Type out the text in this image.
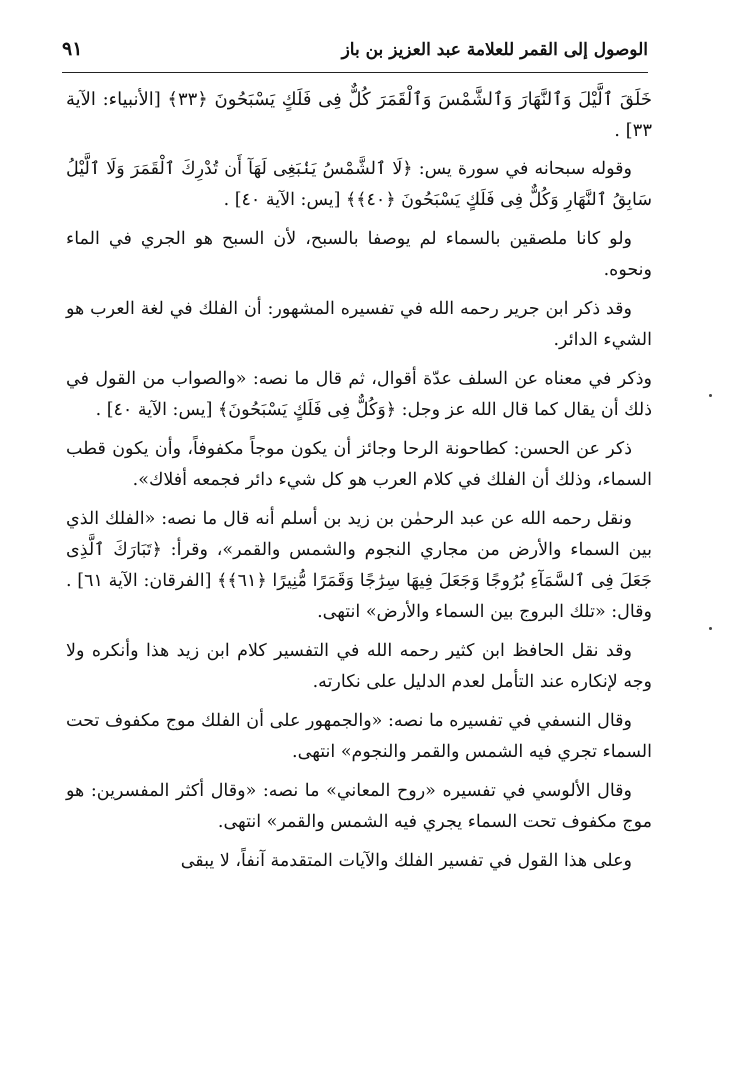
الوصول إلى القمر للعلامة عبد العزيز بن باز
٩١

خَلَقَ ٱلَّيْلَ وَٱلنَّهَارَ وَٱلشَّمْسَ وَٱلْقَمَرَ كُلٌّ فِى فَلَكٍ يَسْبَحُونَ ﴿٣٣﴾ [الأنبياء: الآية ٣٣] .

وقوله سبحانه في سورة يس: ﴿لَا ٱلشَّمْسُ يَنۢبَغِى لَهَآ أَن تُدْرِكَ ٱلْقَمَرَ وَلَا ٱلَّيْلُ سَابِقُ ٱلنَّهَارِ وَكُلٌّ فِى فَلَكٍ يَسْبَحُونَ ﴿٤٠﴾﴾ [يس: الآية ٤٠] .

ولو كانا ملصقين بالسماء لم يوصفا بالسبح، لأن السبح هو الجري في الماء ونحوه.

وقد ذكر ابن جرير رحمه الله في تفسيره المشهور: أن الفلك في لغة العرب هو الشيء الدائر.

وذكر في معناه عن السلف عدّة أقوال، ثم قال ما نصه: «والصواب من القول في ذلك أن يقال كما قال الله عز وجل: ﴿وَكُلٌّ فِى فَلَكٍ يَسْبَحُونَ﴾ [يس: الآية ٤٠] .

ذكر عن الحسن: كطاحونة الرحا وجائز أن يكون موجاً مكفوفاً، وأن يكون قطب السماء، وذلك أن الفلك في كلام العرب هو كل شيء دائر فجمعه أفلاك».

ونقل رحمه الله عن عبد الرحمٰن بن زيد بن أسلم أنه قال ما نصه: «الفلك الذي بين السماء والأرض من مجاري النجوم والشمس والقمر»، وقرأ: ﴿تَبَارَكَ ٱلَّذِى جَعَلَ فِى ٱلسَّمَآءِ بُرُوجًا وَجَعَلَ فِيهَا سِرَٰجًا وَقَمَرًا مُّنِيرًا ﴿٦١﴾﴾ [الفرقان: الآية ٦١] . وقال: «تلك البروج بين السماء والأرض» انتهى.

وقد نقل الحافظ ابن كثير رحمه الله في التفسير كلام ابن زيد هذا وأنكره ولا وجه لإنكاره عند التأمل لعدم الدليل على نكارته.

وقال النسفي في تفسيره ما نصه: «والجمهور على أن الفلك موج مكفوف تحت السماء تجري فيه الشمس والقمر والنجوم» انتهى.

وقال الألوسي في تفسيره «روح المعاني» ما نصه: «وقال أكثر المفسرين: هو موج مكفوف تحت السماء يجري فيه الشمس والقمر» انتهى.

وعلى هذا القول في تفسير الفلك والآيات المتقدمة آنفاً، لا يبقى
